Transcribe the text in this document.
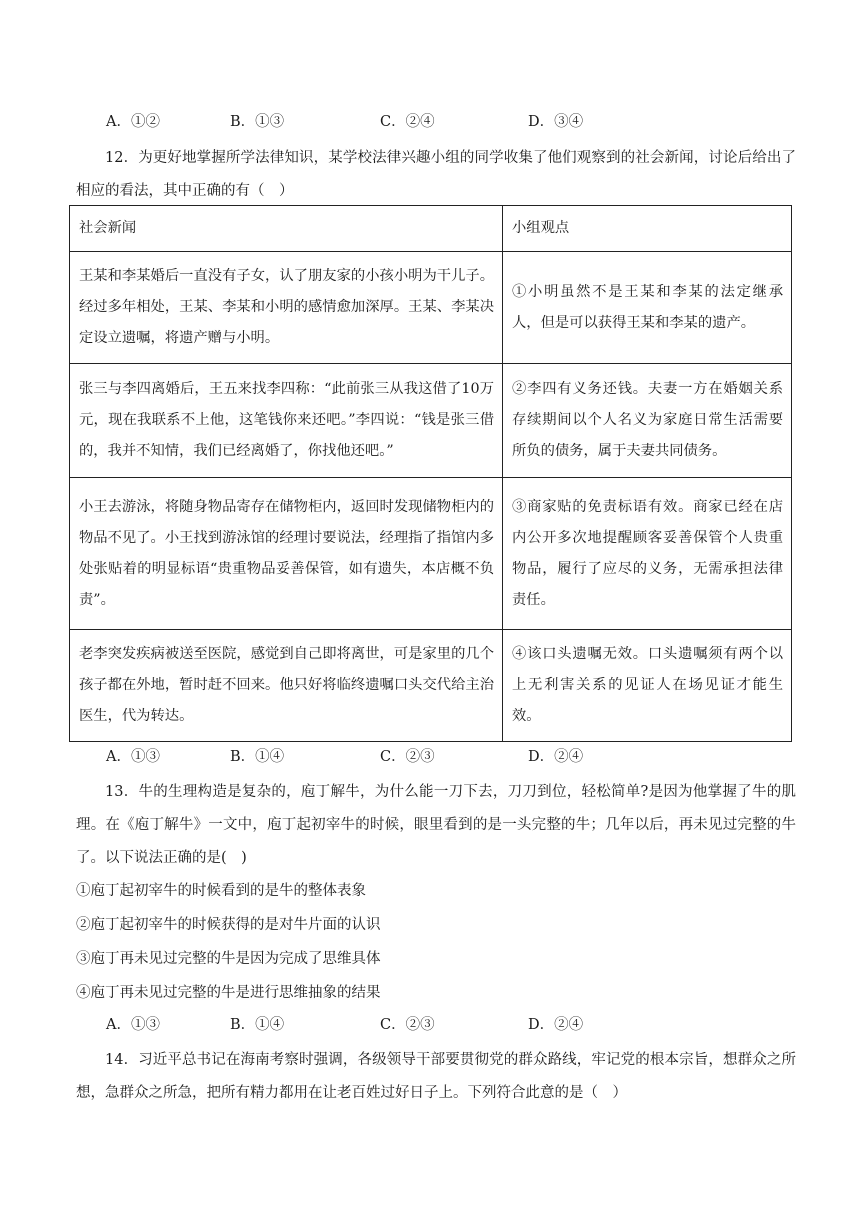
A．①②	B．①③	C．②④	D．③④
12．为更好地掌握所学法律知识，某学校法律兴趣小组的同学收集了他们观察到的社会新闻，讨论后给出了相应的看法，其中正确的有（　）
社会新闻	小组观点
王某和李某婚后一直没有子女，认了朋友家的小孩小明为干儿子。经过多年相处，王某、李某和小明的感情愈加深厚。王某、李某决定设立遗嘱，将遗产赠与小明。	①小明虽然不是王某和李某的法定继承人，但是可以获得王某和李某的遗产。
张三与李四离婚后，王五来找李四称：“此前张三从我这借了10万元，现在我联系不上他，这笔钱你来还吧。”李四说：“钱是张三借的，我并不知情，我们已经离婚了，你找他还吧。”	②李四有义务还钱。夫妻一方在婚姻关系存续期间以个人名义为家庭日常生活需要所负的债务，属于夫妻共同债务。
小王去游泳，将随身物品寄存在储物柜内，返回时发现储物柜内的物品不见了。小王找到游泳馆的经理讨要说法，经理指了指馆内多处张贴着的明显标语“贵重物品妥善保管，如有遗失，本店概不负责”。	③商家贴的免责标语有效。商家已经在店内公开多次地提醒顾客妥善保管个人贵重物品，履行了应尽的义务，无需承担法律责任。
老李突发疾病被送至医院，感觉到自己即将离世，可是家里的几个孩子都在外地，暂时赶不回来。他只好将临终遗嘱口头交代给主治医生，代为转达。	④该口头遗嘱无效。口头遗嘱须有两个以上无利害关系的见证人在场见证才能生效。
A．①③	B．①④	C．②③	D．②④
13．牛的生理构造是复杂的，庖丁解牛，为什么能一刀下去，刀刀到位，轻松简单?是因为他掌握了牛的肌理。在《庖丁解牛》一文中，庖丁起初宰牛的时候，眼里看到的是一头完整的牛；几年以后，再未见过完整的牛了。以下说法正确的是(　)
①庖丁起初宰牛的时候看到的是牛的整体表象
②庖丁起初宰牛的时候获得的是对牛片面的认识
③庖丁再未见过完整的牛是因为完成了思维具体
④庖丁再未见过完整的牛是进行思维抽象的结果
A．①③	B．①④	C．②③	D．②④
14．习近平总书记在海南考察时强调，各级领导干部要贯彻党的群众路线，牢记党的根本宗旨，想群众之所想，急群众之所急，把所有精力都用在让老百姓过好日子上。下列符合此意的是（　）
